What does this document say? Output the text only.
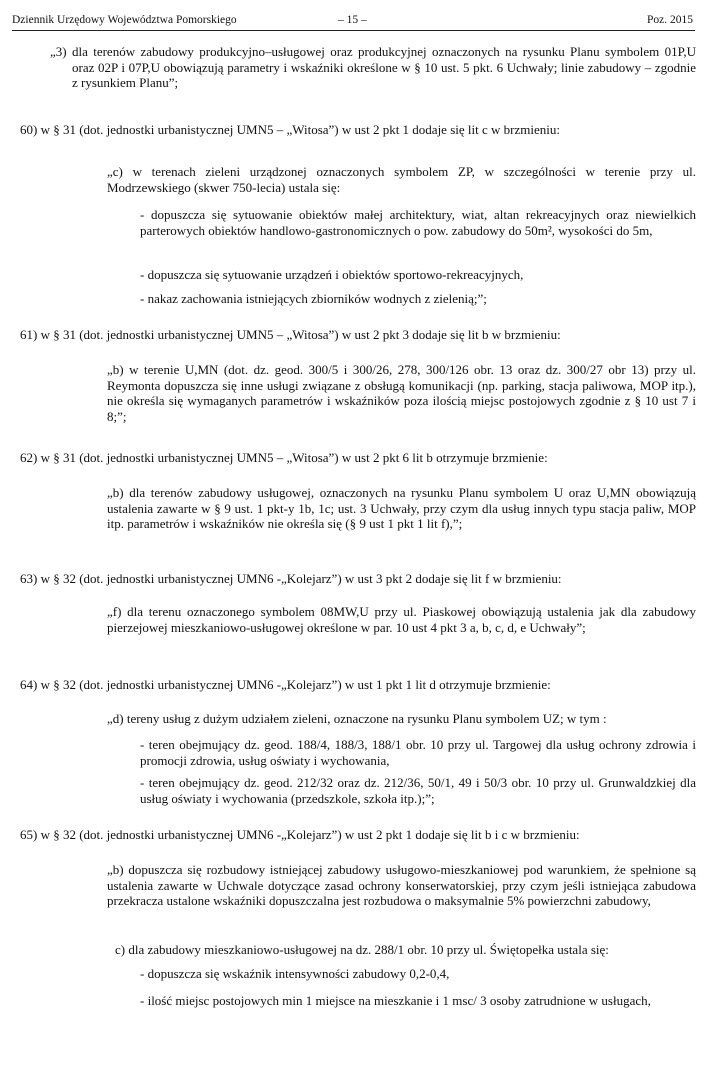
Dziennik Urzędowy Województwa Pomorskiego	– 15 –	Poz. 2015

„3) dla terenów zabudowy produkcyjno–usługowej oraz produkcyjnej oznaczonych na rysunku Planu symbolem 01P,U oraz 02P i 07P,U obowiązują parametry i wskaźniki określone w § 10 ust. 5 pkt. 6 Uchwały; linie zabudowy – zgodnie z rysunkiem Planu”;

60) w § 31 (dot. jednostki urbanistycznej UMN5 – „Witosa”) w ust 2 pkt 1 dodaje się lit c w brzmieniu:

„c) w terenach zieleni urządzonej oznaczonych symbolem ZP, w szczególności w terenie przy ul. Modrzewskiego (skwer 750-lecia) ustala się:

- dopuszcza się sytuowanie obiektów małej architektury, wiat, altan rekreacyjnych oraz niewielkich parterowych obiektów handlowo-gastronomicznych o pow. zabudowy do 50m², wysokości do 5m,

- dopuszcza się sytuowanie urządzeń i obiektów sportowo-rekreacyjnych,

- nakaz zachowania istniejących zbiorników wodnych z zielenią;”;

61) w § 31 (dot. jednostki urbanistycznej UMN5 – „Witosa”) w ust 2 pkt 3 dodaje się lit b w brzmieniu:

„b) w terenie U,MN (dot. dz. geod. 300/5 i 300/26, 278, 300/126 obr. 13 oraz dz. 300/27 obr 13) przy ul. Reymonta dopuszcza się inne usługi związane z obsługą komunikacji (np. parking, stacja paliwowa, MOP itp.), nie określa się wymaganych parametrów i wskaźników poza ilością miejsc postojowych zgodnie z § 10 ust 7 i 8;”;

62) w § 31 (dot. jednostki urbanistycznej UMN5 – „Witosa”) w ust 2 pkt 6 lit b otrzymuje brzmienie:

„b) dla terenów zabudowy usługowej, oznaczonych na rysunku Planu symbolem U oraz U,MN obowiązują ustalenia zawarte w § 9 ust. 1 pkt-y 1b, 1c; ust. 3 Uchwały, przy czym dla usług innych typu stacja paliw, MOP itp. parametrów i wskaźników nie określa się (§ 9 ust 1 pkt 1 lit f),”;

63) w § 32 (dot. jednostki urbanistycznej UMN6 -„Kolejarz”) w ust 3 pkt 2 dodaje się lit f w brzmieniu:

„f) dla terenu oznaczonego symbolem 08MW,U przy ul. Piaskowej obowiązują ustalenia jak dla zabudowy pierzejowej mieszkaniowo-usługowej określone w par. 10 ust 4 pkt 3 a, b, c, d, e Uchwały”;

64) w § 32 (dot. jednostki urbanistycznej UMN6 -„Kolejarz”) w ust 1 pkt 1 lit d otrzymuje brzmienie:

„d) tereny usług z dużym udziałem zieleni, oznaczone na rysunku Planu symbolem UZ; w tym :

- teren obejmujący dz. geod. 188/4, 188/3, 188/1 obr. 10 przy ul. Targowej dla usług ochrony zdrowia i promocji zdrowia, usług oświaty i wychowania,

- teren obejmujący dz. geod. 212/32 oraz dz. 212/36, 50/1, 49 i 50/3 obr. 10 przy ul. Grunwaldzkiej dla usług oświaty i wychowania (przedszkole, szkoła itp.);”;

65) w § 32 (dot. jednostki urbanistycznej UMN6 -„Kolejarz”) w ust 2 pkt 1 dodaje się lit b i c w brzmieniu:

„b) dopuszcza się rozbudowy istniejącej zabudowy usługowo-mieszkaniowej pod warunkiem, że spełnione są ustalenia zawarte w Uchwale dotyczące zasad ochrony konserwatorskiej, przy czym jeśli istniejąca zabudowa przekracza ustalone wskaźniki dopuszczalna jest rozbudowa o maksymalnie 5% powierzchni zabudowy,

c) dla zabudowy mieszkaniowo-usługowej na dz. 288/1 obr. 10 przy ul. Świętopełka ustala się:

- dopuszcza się wskaźnik intensywności zabudowy 0,2-0,4,

- ilość miejsc postojowych min 1 miejsce na mieszkanie i 1 msc/ 3 osoby zatrudnione w usługach,
